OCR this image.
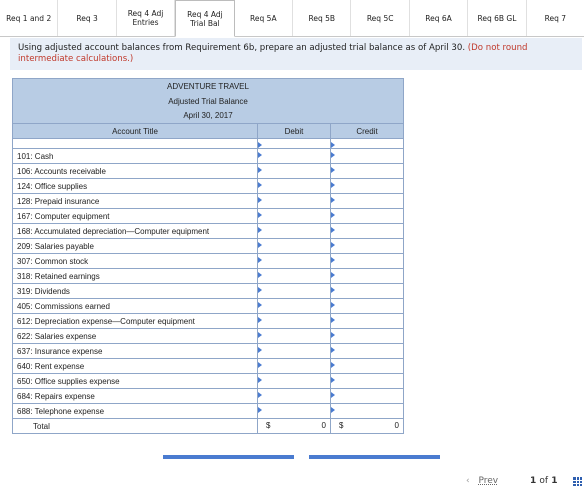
Req 1 and 2	Req 3	Req 4 Adj
Entries
Req 4 Adj
Trial Bal
Req 5A	Req 5B	Req 5C	Req 6A	Req 6B GL	Req 7
Using adjusted account balances from Requirement 6b, prepare an adjusted trial balance as of April 30. (Do not round intermediate calculations.)
ADVENTURE TRAVEL		
Adjusted Trial Balance		
April 30, 2017		
Account Title	Debit	Credit

101: Cash	

106: Accounts receivable	

124: Office supplies	

128: Prepaid insurance	

167: Computer equipment	

168: Accumulated depreciation—Computer equipment	

209: Salaries payable	

307: Common stock	

318: Retained earnings	

319: Dividends	

405: Commissions earned	

612: Depreciation expense—Computer equipment	

622: Salaries expense	

637: Insurance expense	

640: Rent expense	

650: Office supplies expense	

684: Repairs expense	

688: Telephone expense	

Total	$ 0	$ 0
‹ Prev	1 of 1
